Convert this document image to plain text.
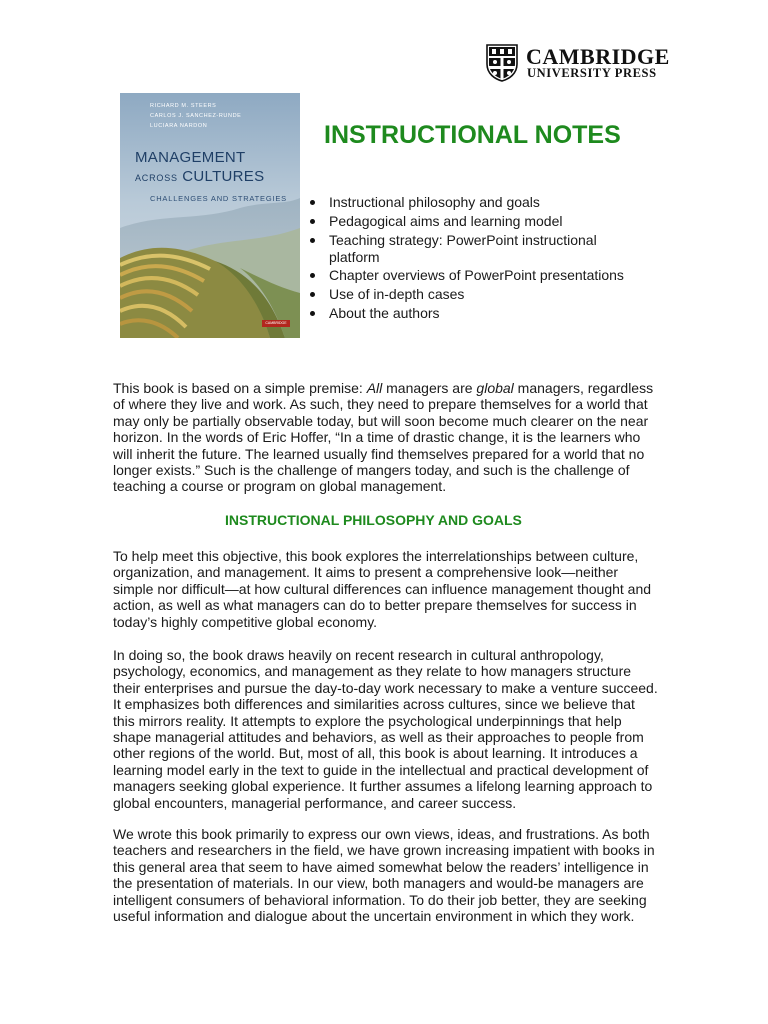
CAMBRIDGE
UNIVERSITY PRESS
RICHARD M. STEERS
CARLOS J. SANCHEZ-RUNDE
LUCIARA NARDON
MANAGEMENT
ACROSS CULTURES
CHALLENGES AND STRATEGIES
CAMBRIDGE
INSTRUCTIONAL NOTES
Instructional philosophy and goals
Pedagogical aims and learning model
Teaching strategy: PowerPoint instructional platform
Chapter overviews of PowerPoint presentations
Use of in-depth cases
About the authors

This book is based on a simple premise: All managers are global managers, regardless of where they live and work. As such, they need to prepare themselves for a world that may only be partially observable today, but will soon become much clearer on the near horizon. In the words of Eric Hoffer, “In a time of drastic change, it is the learners who will inherit the future. The learned usually find themselves prepared for a world that no longer exists.” Such is the challenge of mangers today, and such is the challenge of teaching a course or program on global management.

INSTRUCTIONAL PHILOSOPHY AND GOALS

To help meet this objective, this book explores the interrelationships between culture, organization, and management. It aims to present a comprehensive look—neither simple nor difficult—at how cultural differences can influence management thought and action, as well as what managers can do to better prepare themselves for success in today’s highly competitive global economy.

In doing so, the book draws heavily on recent research in cultural anthropology, psychology, economics, and management as they relate to how managers structure their enterprises and pursue the day-to-day work necessary to make a venture succeed. It emphasizes both differences and similarities across cultures, since we believe that this mirrors reality. It attempts to explore the psychological underpinnings that help shape managerial attitudes and behaviors, as well as their approaches to people from other regions of the world. But, most of all, this book is about learning. It introduces a learning model early in the text to guide in the intellectual and practical development of managers seeking global experience. It further assumes a lifelong learning approach to global encounters, managerial performance, and career success.

We wrote this book primarily to express our own views, ideas, and frustrations. As both teachers and researchers in the field, we have grown increasing impatient with books in this general area that seem to have aimed somewhat below the readers’ intelligence in the presentation of materials. In our view, both managers and would-be managers are intelligent consumers of behavioral information. To do their job better, they are seeking useful information and dialogue about the uncertain environment in which they work.
